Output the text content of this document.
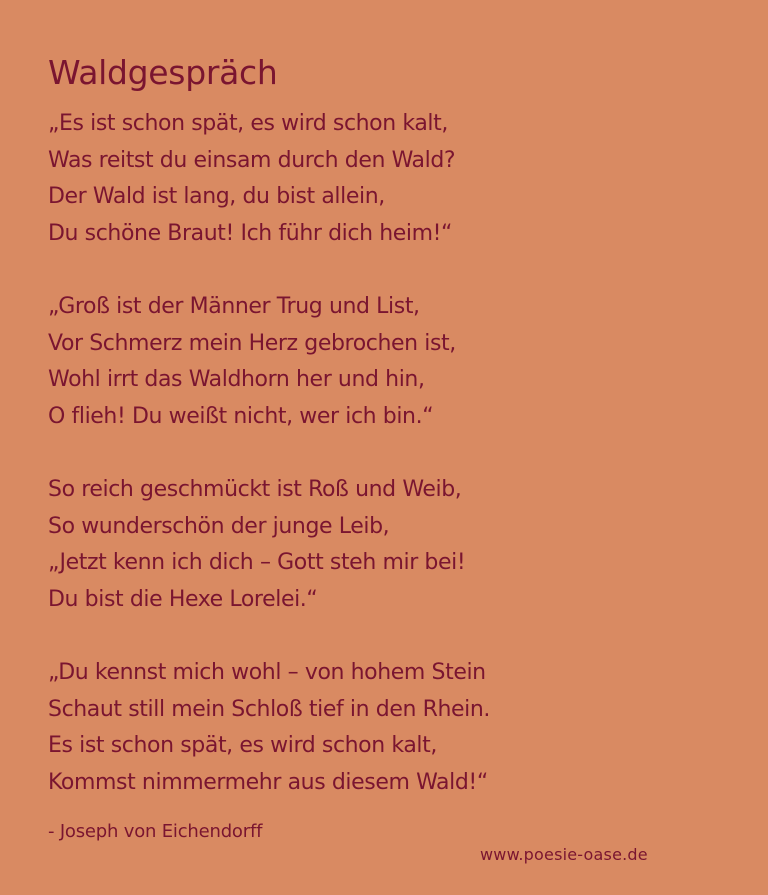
Waldgespräch
„Es ist schon spät, es wird schon kalt,
Was reitst du einsam durch den Wald?
Der Wald ist lang, du bist allein,
Du schöne Braut! Ich führ dich heim!“
„Groß ist der Männer Trug und List,
Vor Schmerz mein Herz gebrochen ist,
Wohl irrt das Waldhorn her und hin,
O flieh! Du weißt nicht, wer ich bin.“
So reich geschmückt ist Roß und Weib,
So wunderschön der junge Leib,
„Jetzt kenn ich dich – Gott steh mir bei!
Du bist die Hexe Lorelei.“
„Du kennst mich wohl – von hohem Stein
Schaut still mein Schloß tief in den Rhein.
Es ist schon spät, es wird schon kalt,
Kommst nimmermehr aus diesem Wald!“
- Joseph von Eichendorff
www.poesie-oase.de
